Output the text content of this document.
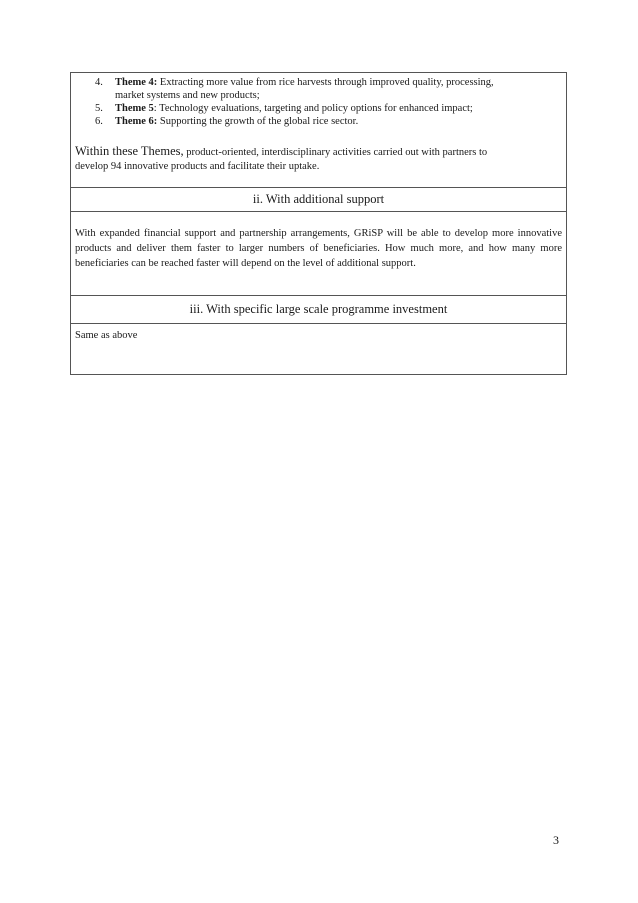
4. Theme 4: Extracting more value from rice harvests through improved quality, processing,
market systems and new products;
5. Theme 5: Technology evaluations, targeting and policy options for enhanced impact;
6. Theme 6: Supporting the growth of the global rice sector.
Within these Themes, product-oriented, interdisciplinary activities carried out with partners to
develop 94 innovative products and facilitate their uptake.
ii. With additional support
With expanded financial support and partnership arrangements, GRiSP will be able to develop more innovative products and deliver them faster to larger numbers of beneficiaries. How much more, and how many more beneficiaries can be reached faster will depend on the level of additional support.
iii. With specific large scale programme investment
Same as above
3
